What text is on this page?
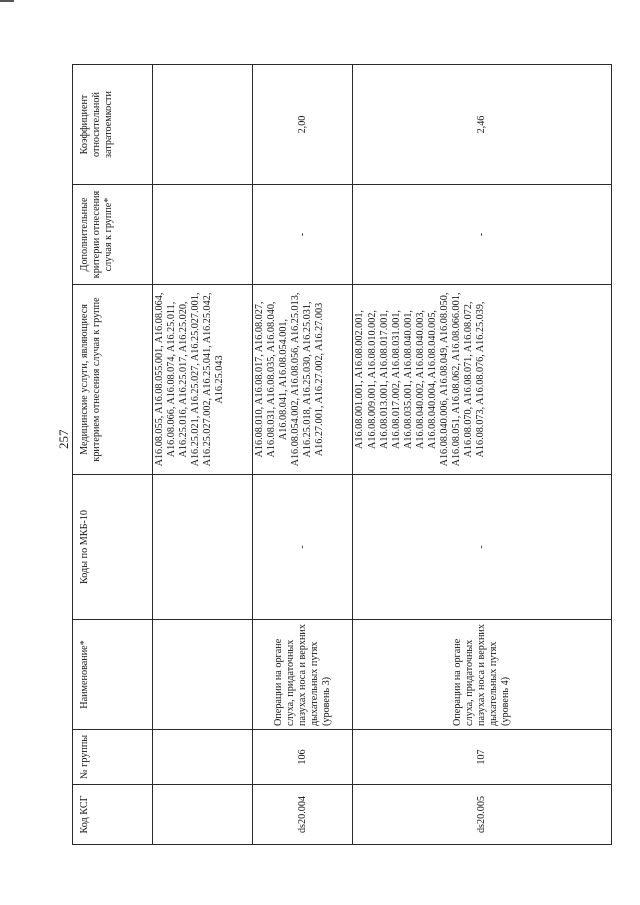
257
Код КСГ	№ группы	Наименование*	Коды по МКБ-10	Медицинские услуги, являющиеся критерием отнесения случая к группе	Дополнительные критерии отнесения случая к группе*	Коэффициент относительной затратоемкости
				A16.08.055, A16.08.055.001, A16.08.064, A16.08.066, A16.08.074, A16.25.011, A16.25.016, A16.25.017, A16.25.020, A16.25.021, A16.25.027, A16.25.027.001, A16.25.027.002, A16.25.041, A16.25.042, A16.25.043		
ds20.004	106	Операции на органе слуха, придаточных пазухах носа и верхних дыхательных путях (уровень 3)	-	A16.08.010, A16.08.017, A16.08.027, A16.08.031, A16.08.035, A16.08.040, A16.08.041, A16.08.054.001, A16.08.054.002, A16.08.056, A16.25.013, A16.25.018, A16.25.030, A16.25.031, A16.27.001, A16.27.002, A16.27.003	-	2,00
ds20.005	107	Операции на органе слуха, придаточных пазухах носа и верхних дыхательных путях (уровень 4)	-	A16.08.001.001, A16.08.002.001, A16.08.009.001, A16.08.010.002, A16.08.013.001, A16.08.017.001, A16.08.017.002, A16.08.031.001, A16.08.035.001, A16.08.040.001, A16.08.040.002, A16.08.040.003, A16.08.040.004, A16.08.040.005, A16.08.040.006, A16.08.049, A16.08.050, A16.08.051, A16.08.062, A16.08.066.001, A16.08.070, A16.08.071, A16.08.072, A16.08.073, A16.08.076, A16.25.039,	-	2,46
